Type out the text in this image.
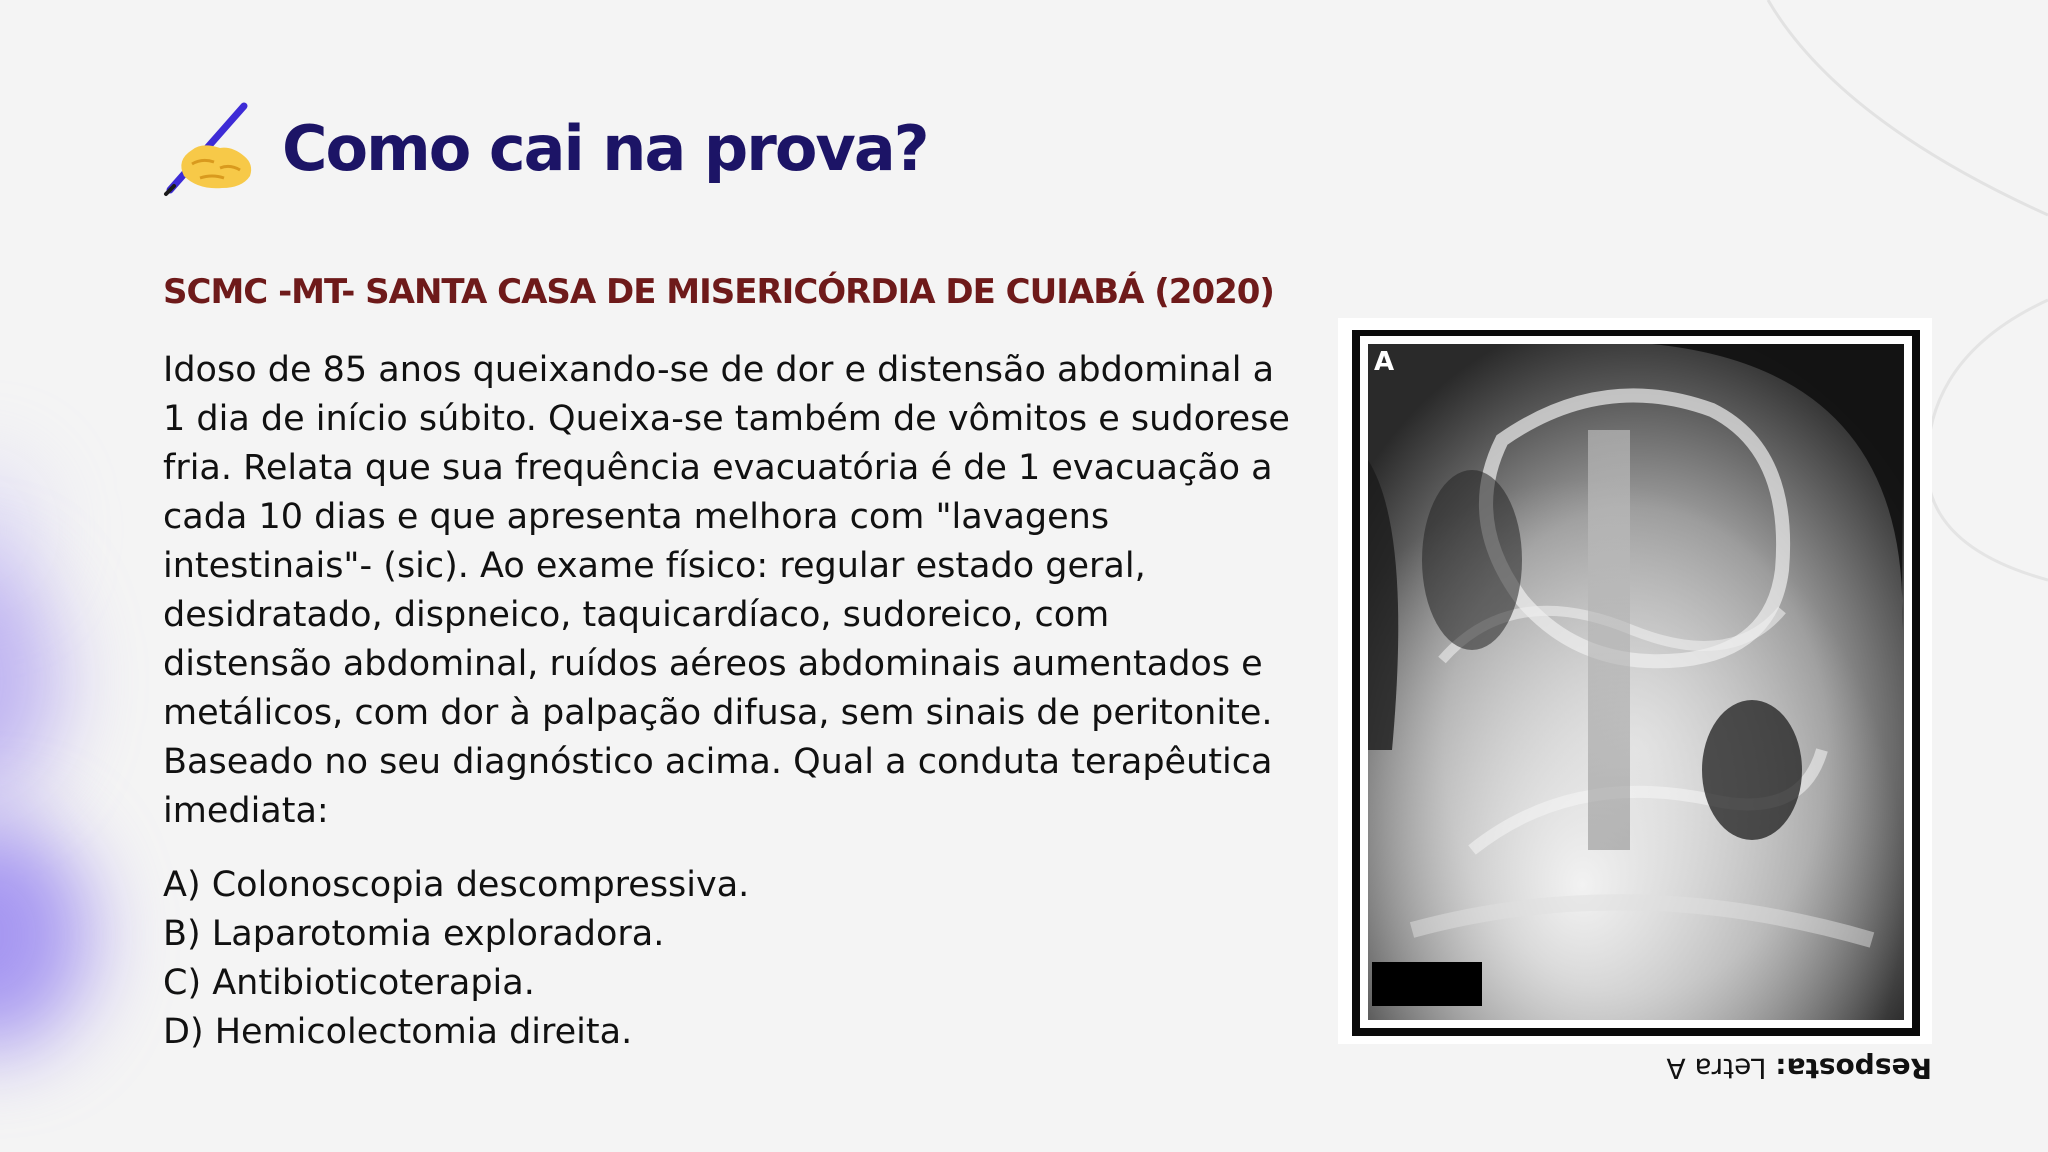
Como cai na prova?
SCMC -MT- SANTA CASA DE MISERICÓRDIA DE CUIABÁ (2020)
Idoso de 85 anos queixando-se de dor e distensão abdominal a
1 dia de início súbito. Queixa-se também de vômitos e sudorese
fria. Relata que sua frequência evacuatória é de 1 evacuação a
cada 10 dias e que apresenta melhora com "lavagens
intestinais"- (sic). Ao exame físico: regular estado geral,
desidratado, dispneico, taquicardíaco, sudoreico, com
distensão abdominal, ruídos aéreos abdominais aumentados e
metálicos, com dor à palpação difusa, sem sinais de peritonite.
Baseado no seu diagnóstico acima. Qual a conduta terapêutica
imediata:
A) Colonoscopia descompressiva.
B) Laparotomia exploradora.
C) Antibioticoterapia.
D) Hemicolectomia direita.
A
Resposta: Letra A
